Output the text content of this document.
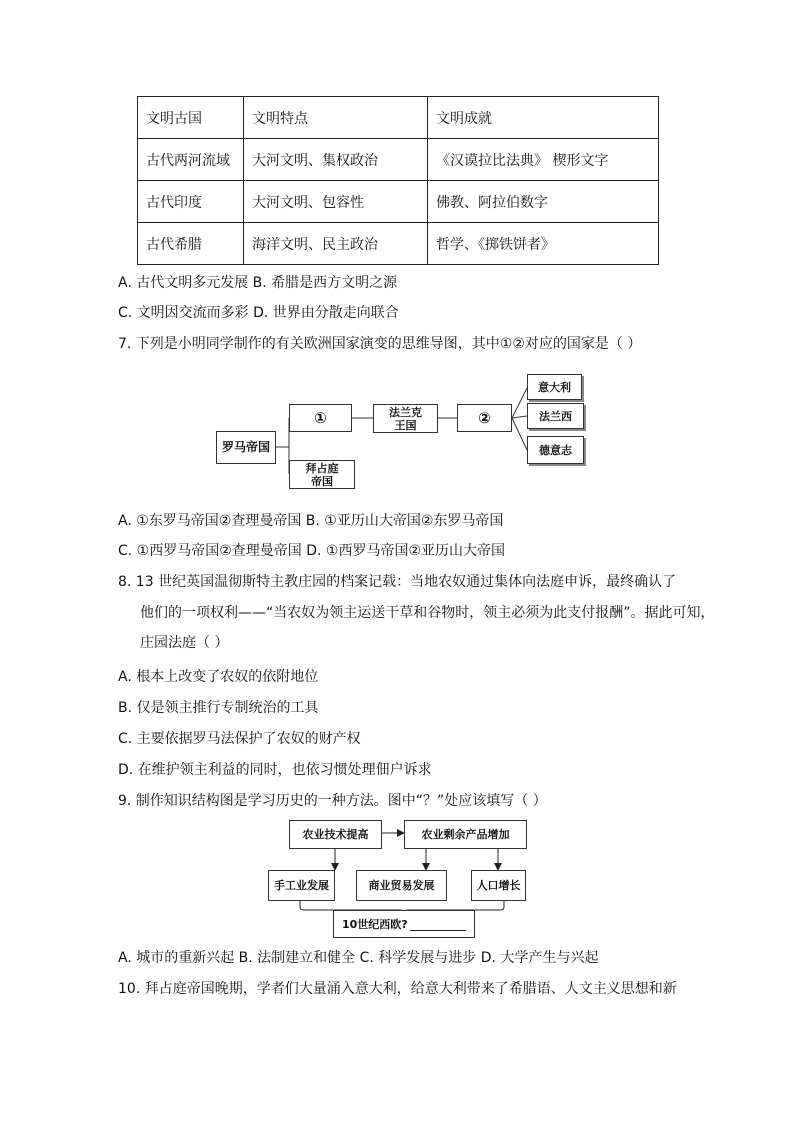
文明古国	文明特点	文明成就
古代两河流域	大河文明、集权政治	《汉谟拉比法典》 楔形文字
古代印度	大河文明、包容性	佛教、阿拉伯数字
古代希腊	海洋文明、民主政治	哲学、《掷铁饼者》
A. 古代文明多元发展 B. 希腊是西方文明之源
C. 文明因交流而多彩 D. 世界由分散走向联合
7. 下列是小明同学制作的有关欧洲国家演变的思维导图，其中①②对应的国家是（ ）
罗马帝国
①	法兰克王国	②
拜占庭帝国
意大利
法兰西
德意志
A. ①东罗马帝国②查理曼帝国 B. ①亚历山大帝国②东罗马帝国
C. ①西罗马帝国②查理曼帝国 D. ①西罗马帝国②亚历山大帝国
8. 13 世纪英国温彻斯特主教庄园的档案记载：当地农奴通过集体向法庭申诉，最终确认了
他们的一项权利——“当农奴为领主运送干草和谷物时，领主必须为此支付报酬”。据此可知，
庄园法庭（ ）
A. 根本上改变了农奴的依附地位
B. 仅是领主推行专制统治的工具
C. 主要依据罗马法保护了农奴的财产权
D. 在维护领主利益的同时，也依习惯处理佃户诉求
9. 制作知识结构图是学习历史的一种方法。图中“？”处应该填写（ ）
农业技术提高	农业剩余产品增加
手工业发展	商业贸易发展	人口增长
10世纪西欧?
A. 城市的重新兴起 B. 法制建立和健全 C. 科学发展与进步 D. 大学产生与兴起
10. 拜占庭帝国晚期，学者们大量涌入意大利，给意大利带来了希腊语、人文主义思想和新
